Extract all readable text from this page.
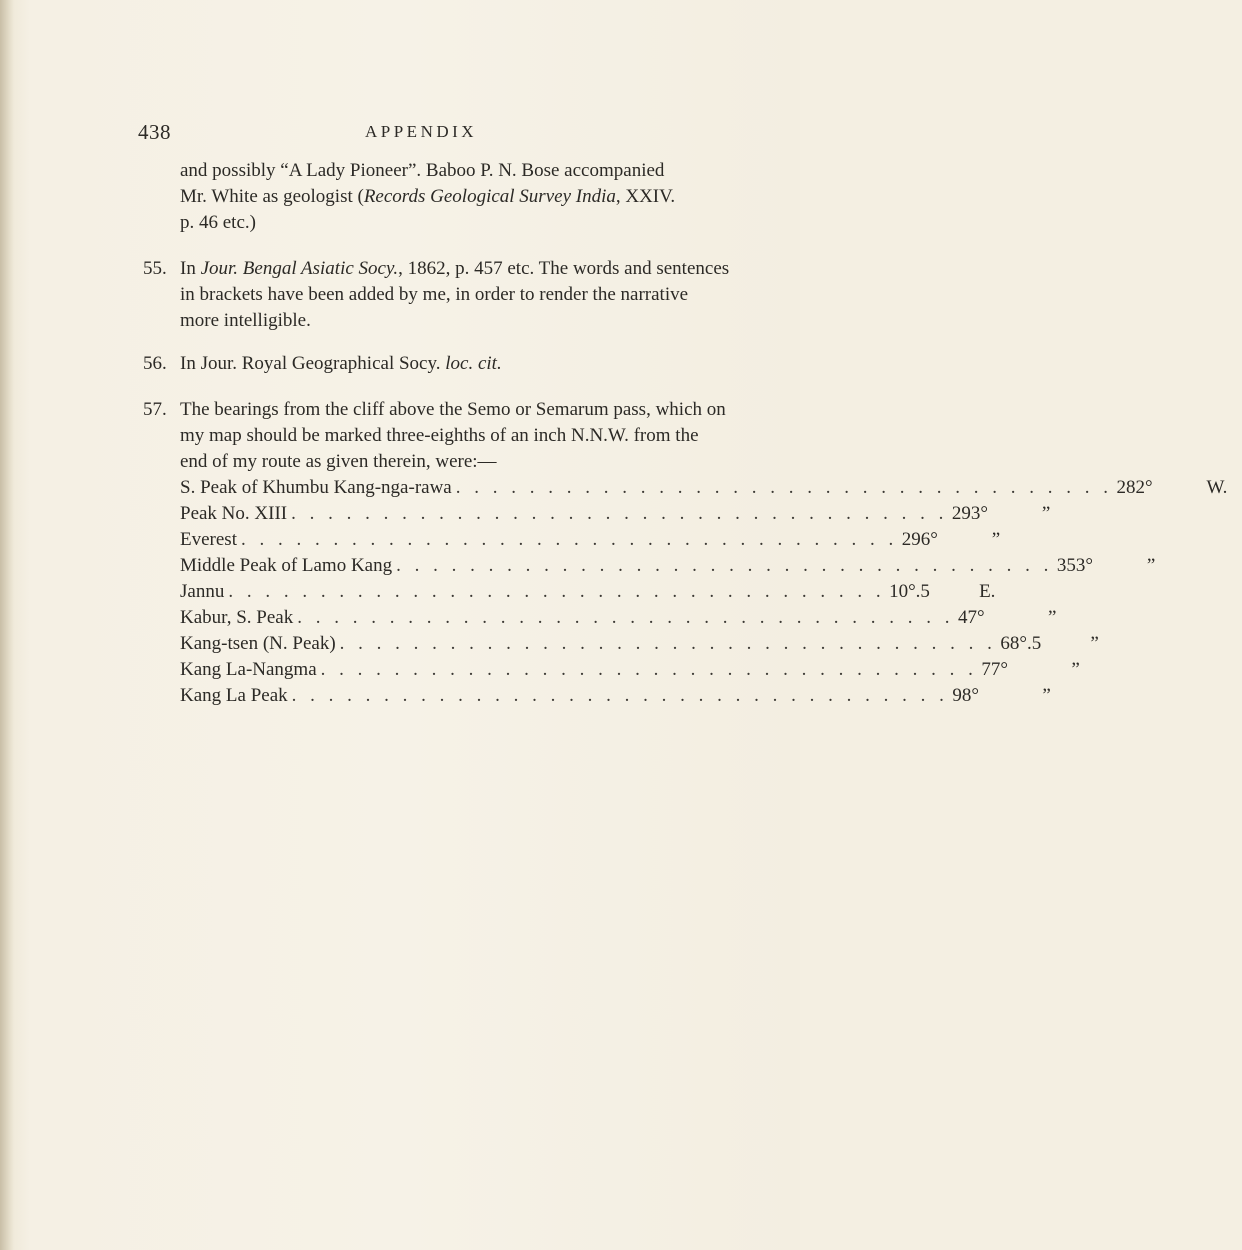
438	APPENDIX
and possibly “A Lady Pioneer”. Baboo P. N. Bose accompanied
Mr. White as geologist (Records Geological Survey India, XXIV.
p. 46 etc.)
55. In Jour. Bengal Asiatic Socy., 1862, p. 457 etc. The words and sentences
in brackets have been added by me, in order to render the narrative
more intelligible.
56. In Jour. Royal Geographical Socy. loc. cit.
57. The bearings from the cliff above the Semo or Semarum pass, which on
my map should be marked three-eighths of an inch N.N.W. from the
end of my route as given therein, were:—
S. Peak of Khumbu Kang-nga-rawa . . . . . . . . . . . . . . . . . . . . . . . . . . . . . . . . . . . . 282°	W.
Peak No. XIII . . . . . . . . . . . . . . . . . . . . . . . . . . . . . . . . . . . . 293°	”
Everest . . . . . . . . . . . . . . . . . . . . . . . . . . . . . . . . . . . . 296°	”
Middle Peak of Lamo Kang . . . . . . . . . . . . . . . . . . . . . . . . . . . . . . . . . . . . 353°	”
Jannu . . . . . . . . . . . . . . . . . . . . . . . . . . . . . . . . . . . . 10°.5	E.
Kabur, S. Peak . . . . . . . . . . . . . . . . . . . . . . . . . . . . . . . . . . . . 47°	”
Kang-tsen (N. Peak) . . . . . . . . . . . . . . . . . . . . . . . . . . . . . . . . . . . . 68°.5	”
Kang La-Nangma . . . . . . . . . . . . . . . . . . . . . . . . . . . . . . . . . . . . 77°	”
Kang La Peak . . . . . . . . . . . . . . . . . . . . . . . . . . . . . . . . . . . . 98°	”
